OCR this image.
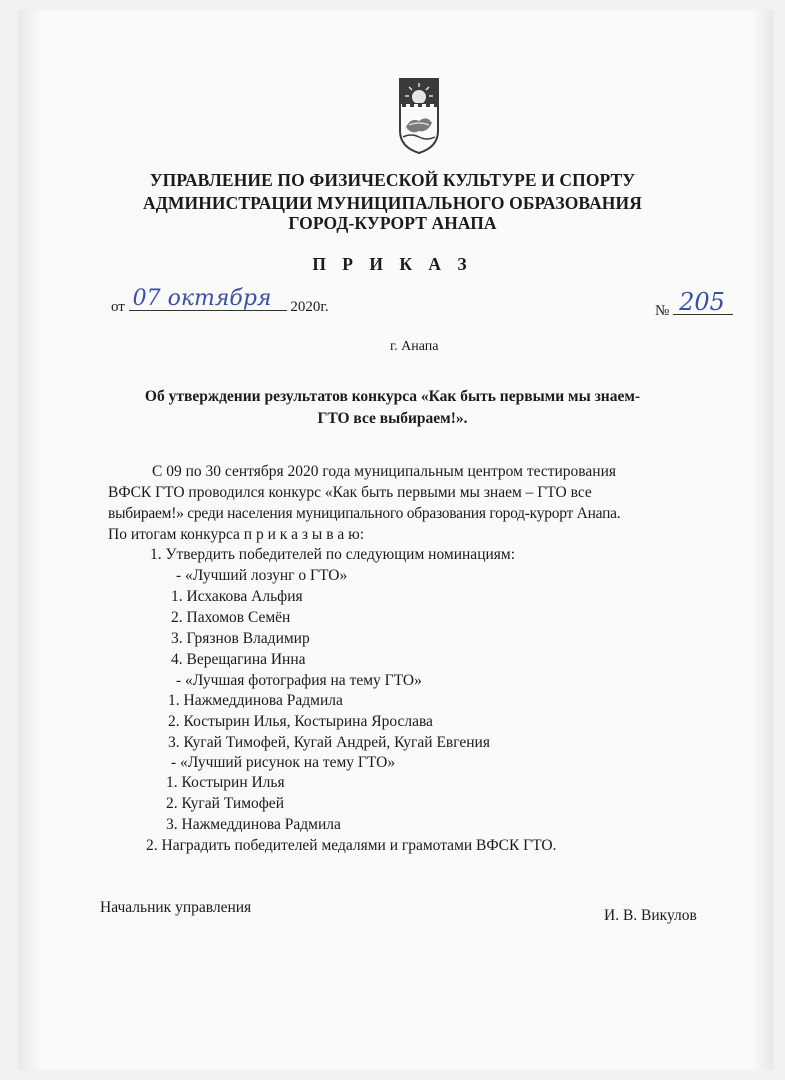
УПРАВЛЕНИЕ ПО ФИЗИЧЕСКОЙ КУЛЬТУРЕ И СПОРТУ
АДМИНИСТРАЦИИ МУНИЦИПАЛЬНОГО ОБРАЗОВАНИЯ
ГОРОД-КУРОРТ АНАПА
П Р И К А З
от 07 октября 2020г.	№ 205
г. Анапа
Об утверждении результатов конкурса «Как быть первыми мы знаем-
ГТО все выбираем!».
С 09 по 30 сентября 2020 года муниципальным центром тестирования
ВФСК ГТО проводился конкурс «Как быть первыми мы знаем – ГТО все
выбираем!» среди населения муниципального образования город-курорт Анапа.
По итогам конкурса п р и к а з ы в а ю:
1. Утвердить победителей по следующим номинациям:
- «Лучший лозунг о ГТО»
1. Исхакова Альфия
2. Пахомов Семён
3. Грязнов Владимир
4. Верещагина Инна
- «Лучшая фотография на тему ГТО»
1. Нажмеддинова Радмила
2. Костырин Илья, Костырина Ярослава
3. Кугай Тимофей, Кугай Андрей, Кугай Евгения
- «Лучший рисунок на тему ГТО»
1. Костырин Илья
2. Кугай Тимофей
3. Нажмеддинова Радмила
2. Наградить победителей медалями и грамотами ВФСК ГТО.
Начальник управления	И. В. Викулов
